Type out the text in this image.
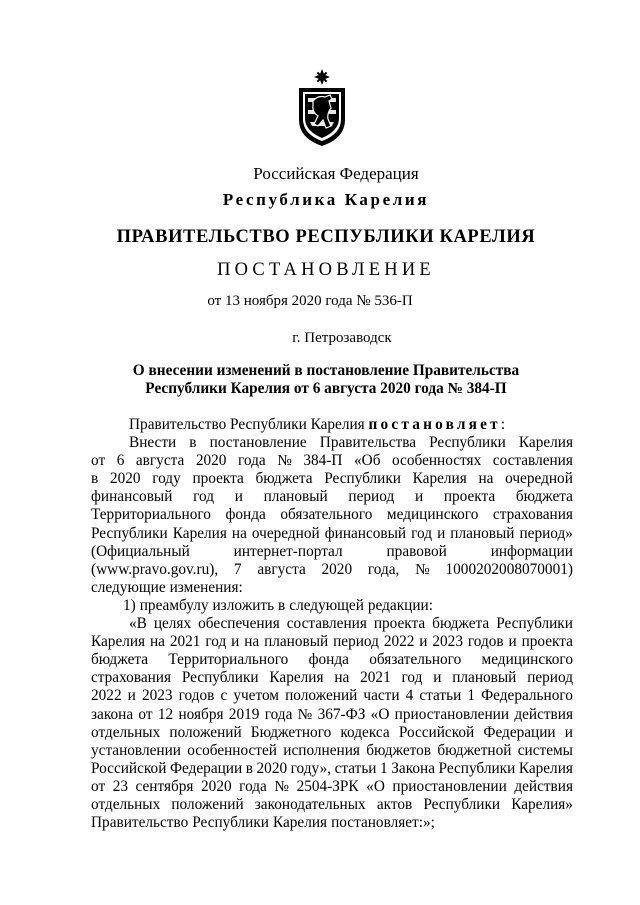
Российская Федерация
Республика Карелия
ПРАВИТЕЛЬСТВО РЕСПУБЛИКИ КАРЕЛИЯ
ПОСТАНОВЛЕНИЕ
от 13 ноября 2020 года № 536-П
г. Петрозаводск
О внесении изменений в постановление Правительства
Республики Карелия от 6 августа 2020 года № 384-П
Правительство Республики Карелия
постановляет :
Внести в постановление Правительства Республики Карелия
от 6 августа 2020 года № 384-П «Об особенностях составления
в 2020 году проекта бюджета Республики Карелия на очередной
финансовый год и плановый период и проекта бюджета
Территориального фонда обязательного медицинского страхования
Республики Карелия на очередной финансовый год и плановый период»
(Официальный	интернет-портал	правовой	информации
(www.pravo.gov.ru), 7 августа 2020 года, № 1000202008070001)
следующие изменения:
1) преамбулу изложить в следующей редакции:
«В целях обеспечения составления проекта бюджета Республики
Карелия на 2021 год и на плановый период 2022 и 2023 годов и проекта
бюджета Территориального фонда обязательного медицинского
страхования Республики Карелия на 2021 год и плановый период
2022 и 2023 годов с учетом положений части 4 статьи 1 Федерального
закона от 12 ноября 2019 года № 367-ФЗ «О приостановлении действия
отдельных положений Бюджетного кодекса Российской Федерации и
установлении особенностей исполнения бюджетов бюджетной системы
Российской Федерации в 2020 году», статьи 1 Закона Республики Карелия
от 23 сентября 2020 года № 2504-ЗРК «О приостановлении действия
отдельных положений законодательных актов Республики Карелия»
Правительство Республики Карелия постановляет:»;
